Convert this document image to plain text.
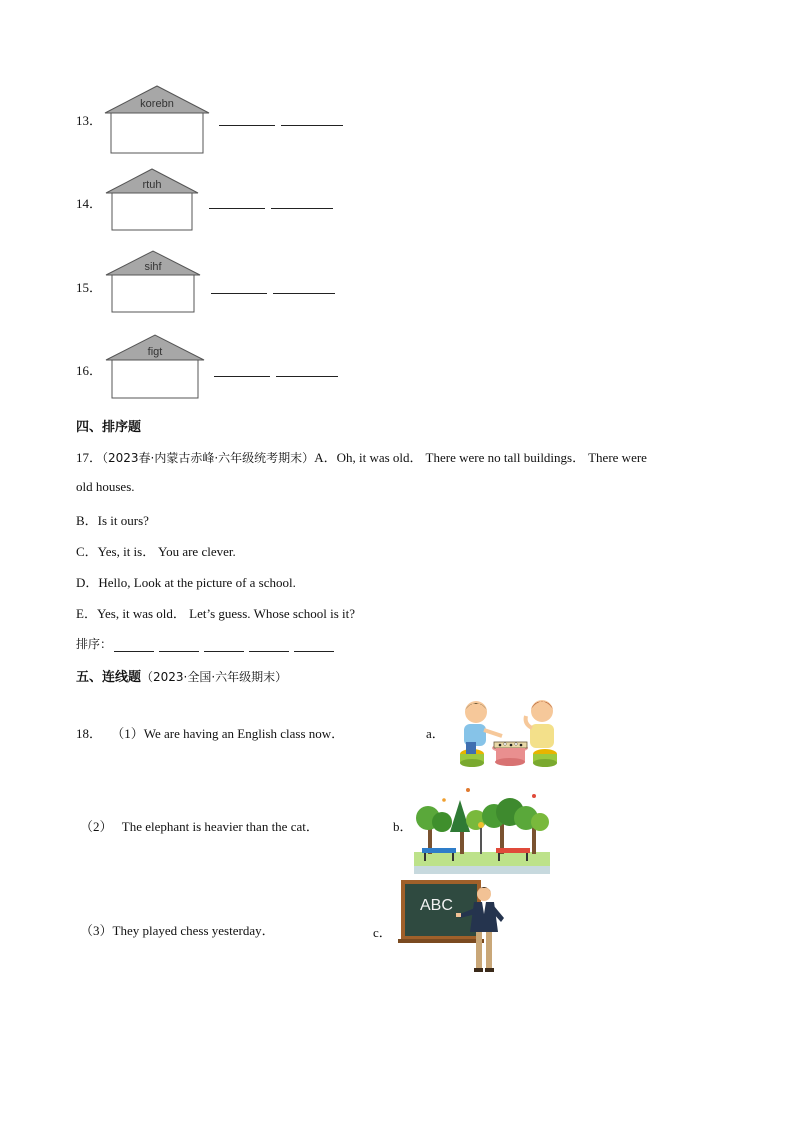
13．
korebn
14．
rtuh
15．
sihf
16．
figt
四、排序题
17．（2023春·内蒙古赤峰·六年级统考期末）A．Oh, it was old． There were no tall buildings． There were
old houses.
B．Is it ours?
C．Yes, it is． You are clever.
D．Hello, Look at the picture of a school.
E．Yes, it was old． Let’s guess. Whose school is it?
排序：
五、连线题（2023·全国·六年级期末）
18． （1）We are having an English class now．	a．
（2） The elephant is heavier than the cat．	b．
（3）They played chess yesterday．	c．
ABC
